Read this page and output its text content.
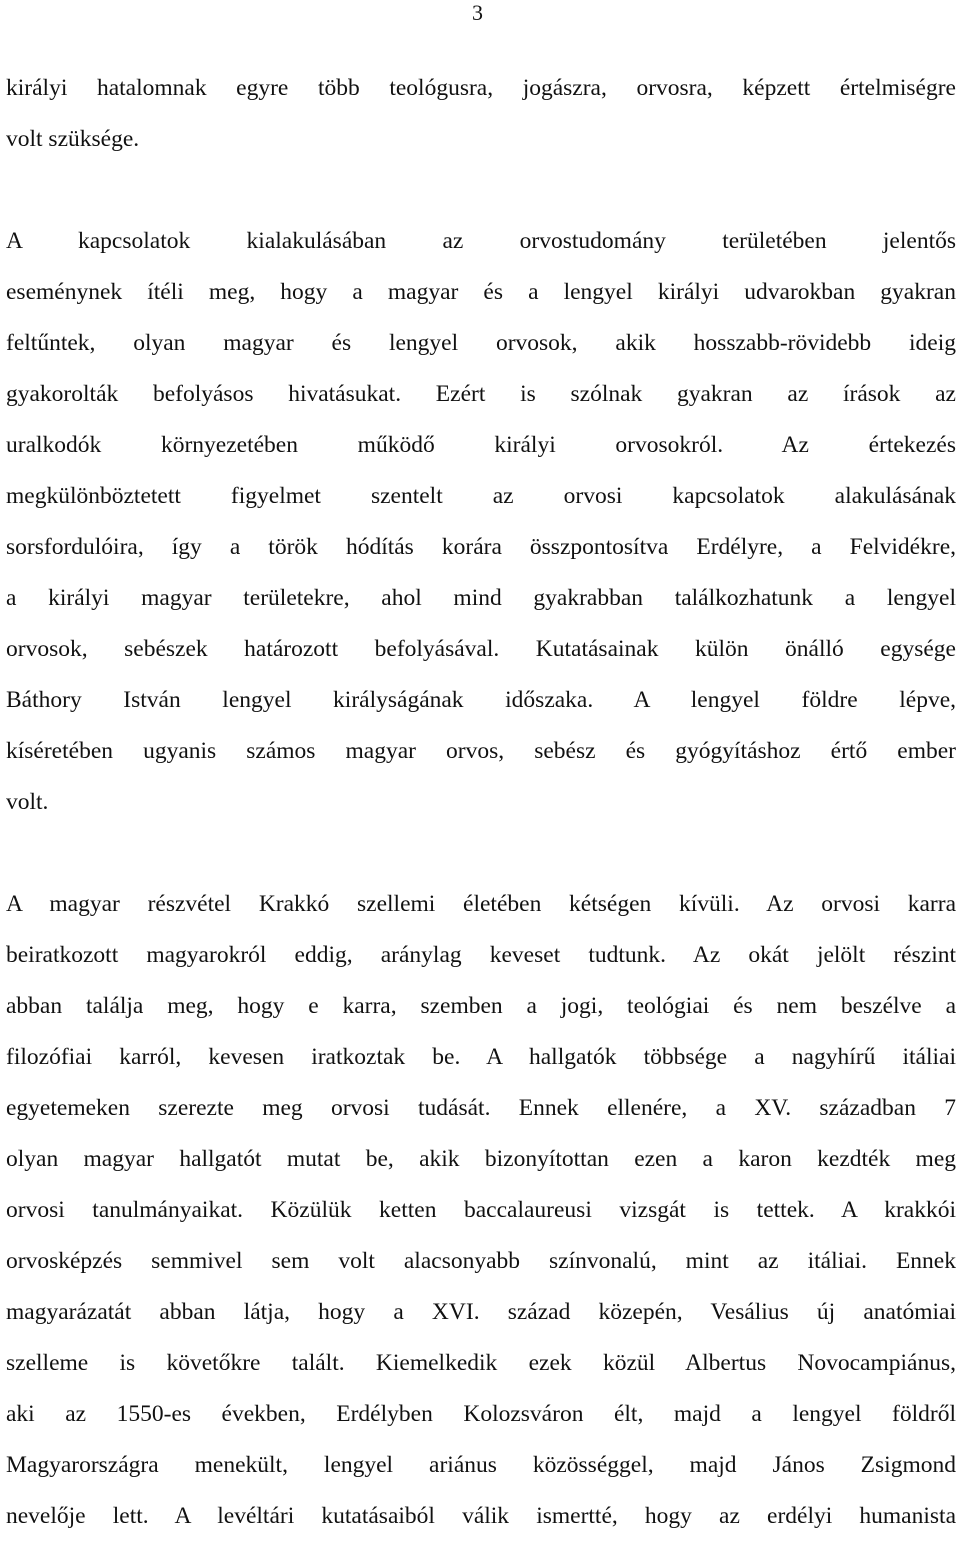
3
királyi hatalomnak egyre több teológusra, jogászra, orvosra, képzett értelmiségre
volt szüksége.
A kapcsolatok kialakulásában az orvostudomány területében jelentős
eseménynek ítéli meg, hogy a magyar és a lengyel királyi udvarokban gyakran
feltűntek, olyan magyar és lengyel orvosok, akik hosszabb-rövidebb ideig
gyakorolták befolyásos hivatásukat. Ezért is szólnak gyakran az írások az
uralkodók környezetében működő királyi orvosokról. Az értekezés
megkülönböztetett figyelmet szentelt az orvosi kapcsolatok alakulásának
sorsfordulóira, így a török hódítás korára összpontosítva Erdélyre, a Felvidékre,
a királyi magyar területekre, ahol mind gyakrabban találkozhatunk a lengyel
orvosok, sebészek határozott befolyásával. Kutatásainak külön önálló egysége
Báthory István lengyel királyságának időszaka. A lengyel földre lépve,
kíséretében ugyanis számos magyar orvos, sebész és gyógyításhoz értő ember
volt.
A magyar részvétel Krakkó szellemi életében kétségen kívüli. Az orvosi karra
beiratkozott magyarokról eddig, aránylag keveset tudtunk. Az okát jelölt részint
abban találja meg, hogy e karra, szemben a jogi, teológiai és nem beszélve a
filozófiai karról, kevesen iratkoztak be. A hallgatók többsége a nagyhírű itáliai
egyetemeken szerezte meg orvosi tudását. Ennek ellenére, a XV. században 7
olyan magyar hallgatót mutat be, akik bizonyítottan ezen a karon kezdték meg
orvosi tanulmányaikat. Közülük ketten baccalaureusi vizsgát is tettek. A krakkói
orvosképzés semmivel sem volt alacsonyabb színvonalú, mint az itáliai. Ennek
magyarázatát abban látja, hogy a XVI. század közepén, Vesálius új anatómiai
szelleme is követőkre talált. Kiemelkedik ezek közül Albertus Novocampiánus,
aki az 1550-es években, Erdélyben Kolozsváron élt, majd a lengyel földről
Magyarországra menekült, lengyel ariánus közösséggel, majd János Zsigmond
nevelője lett. A levéltári kutatásaiból válik ismertté, hogy az erdélyi humanista
